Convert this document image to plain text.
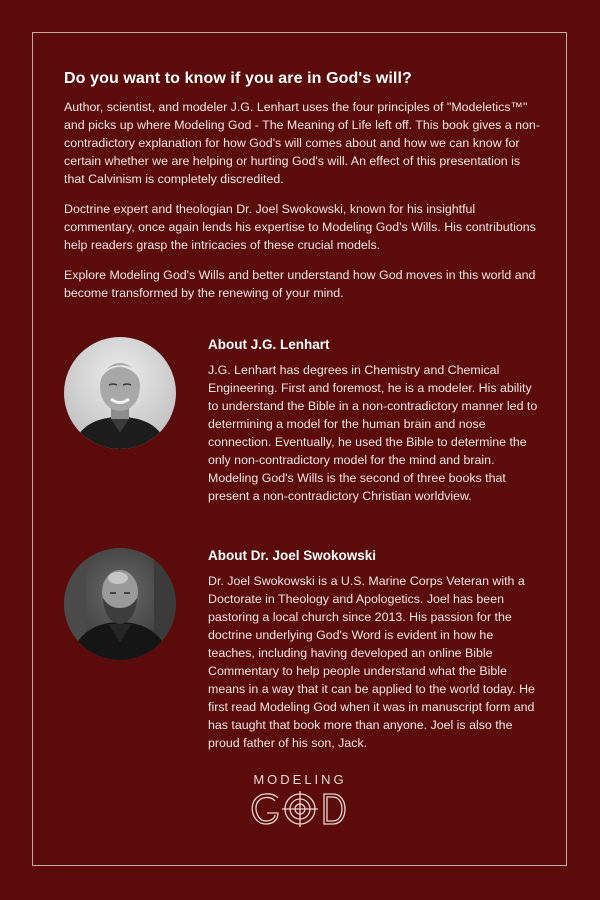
Do you want to know if you are in God's will?

Author, scientist, and modeler J.G. Lenhart uses the four principles of "Modeletics™" and picks up where Modeling God - The Meaning of Life left off. This book gives a non-contradictory explanation for how God's will comes about and how we can know for certain whether we are helping or hurting God's will. An effect of this presentation is that Calvinism is completely discredited.

Doctrine expert and theologian Dr. Joel Swokowski, known for his insightful commentary, once again lends his expertise to Modeling God's Wills. His contributions help readers grasp the intricacies of these crucial models.

Explore Modeling God's Wills and better understand how God moves in this world and become transformed by the renewing of your mind.

About J.G. Lenhart

J.G. Lenhart has degrees in Chemistry and Chemical Engineering. First and foremost, he is a modeler. His ability to understand the Bible in a non-contradictory manner led to determining a model for the human brain and nose connection. Eventually, he used the Bible to determine the only non-contradictory model for the mind and brain. Modeling God's Wills is the second of three books that present a non-contradictory Christian worldview.

About Dr. Joel Swokowski

Dr. Joel Swokowski is a U.S. Marine Corps Veteran with a Doctorate in Theology and Apologetics. Joel has been pastoring a local church since 2013. His passion for the doctrine underlying God's Word is evident in how he teaches, including having developed an online Bible Commentary to help people understand what the Bible means in a way that it can be applied to the world today. He first read Modeling God when it was in manuscript form and has taught that book more than anyone. Joel is also the proud father of his son, Jack.

MODELING
